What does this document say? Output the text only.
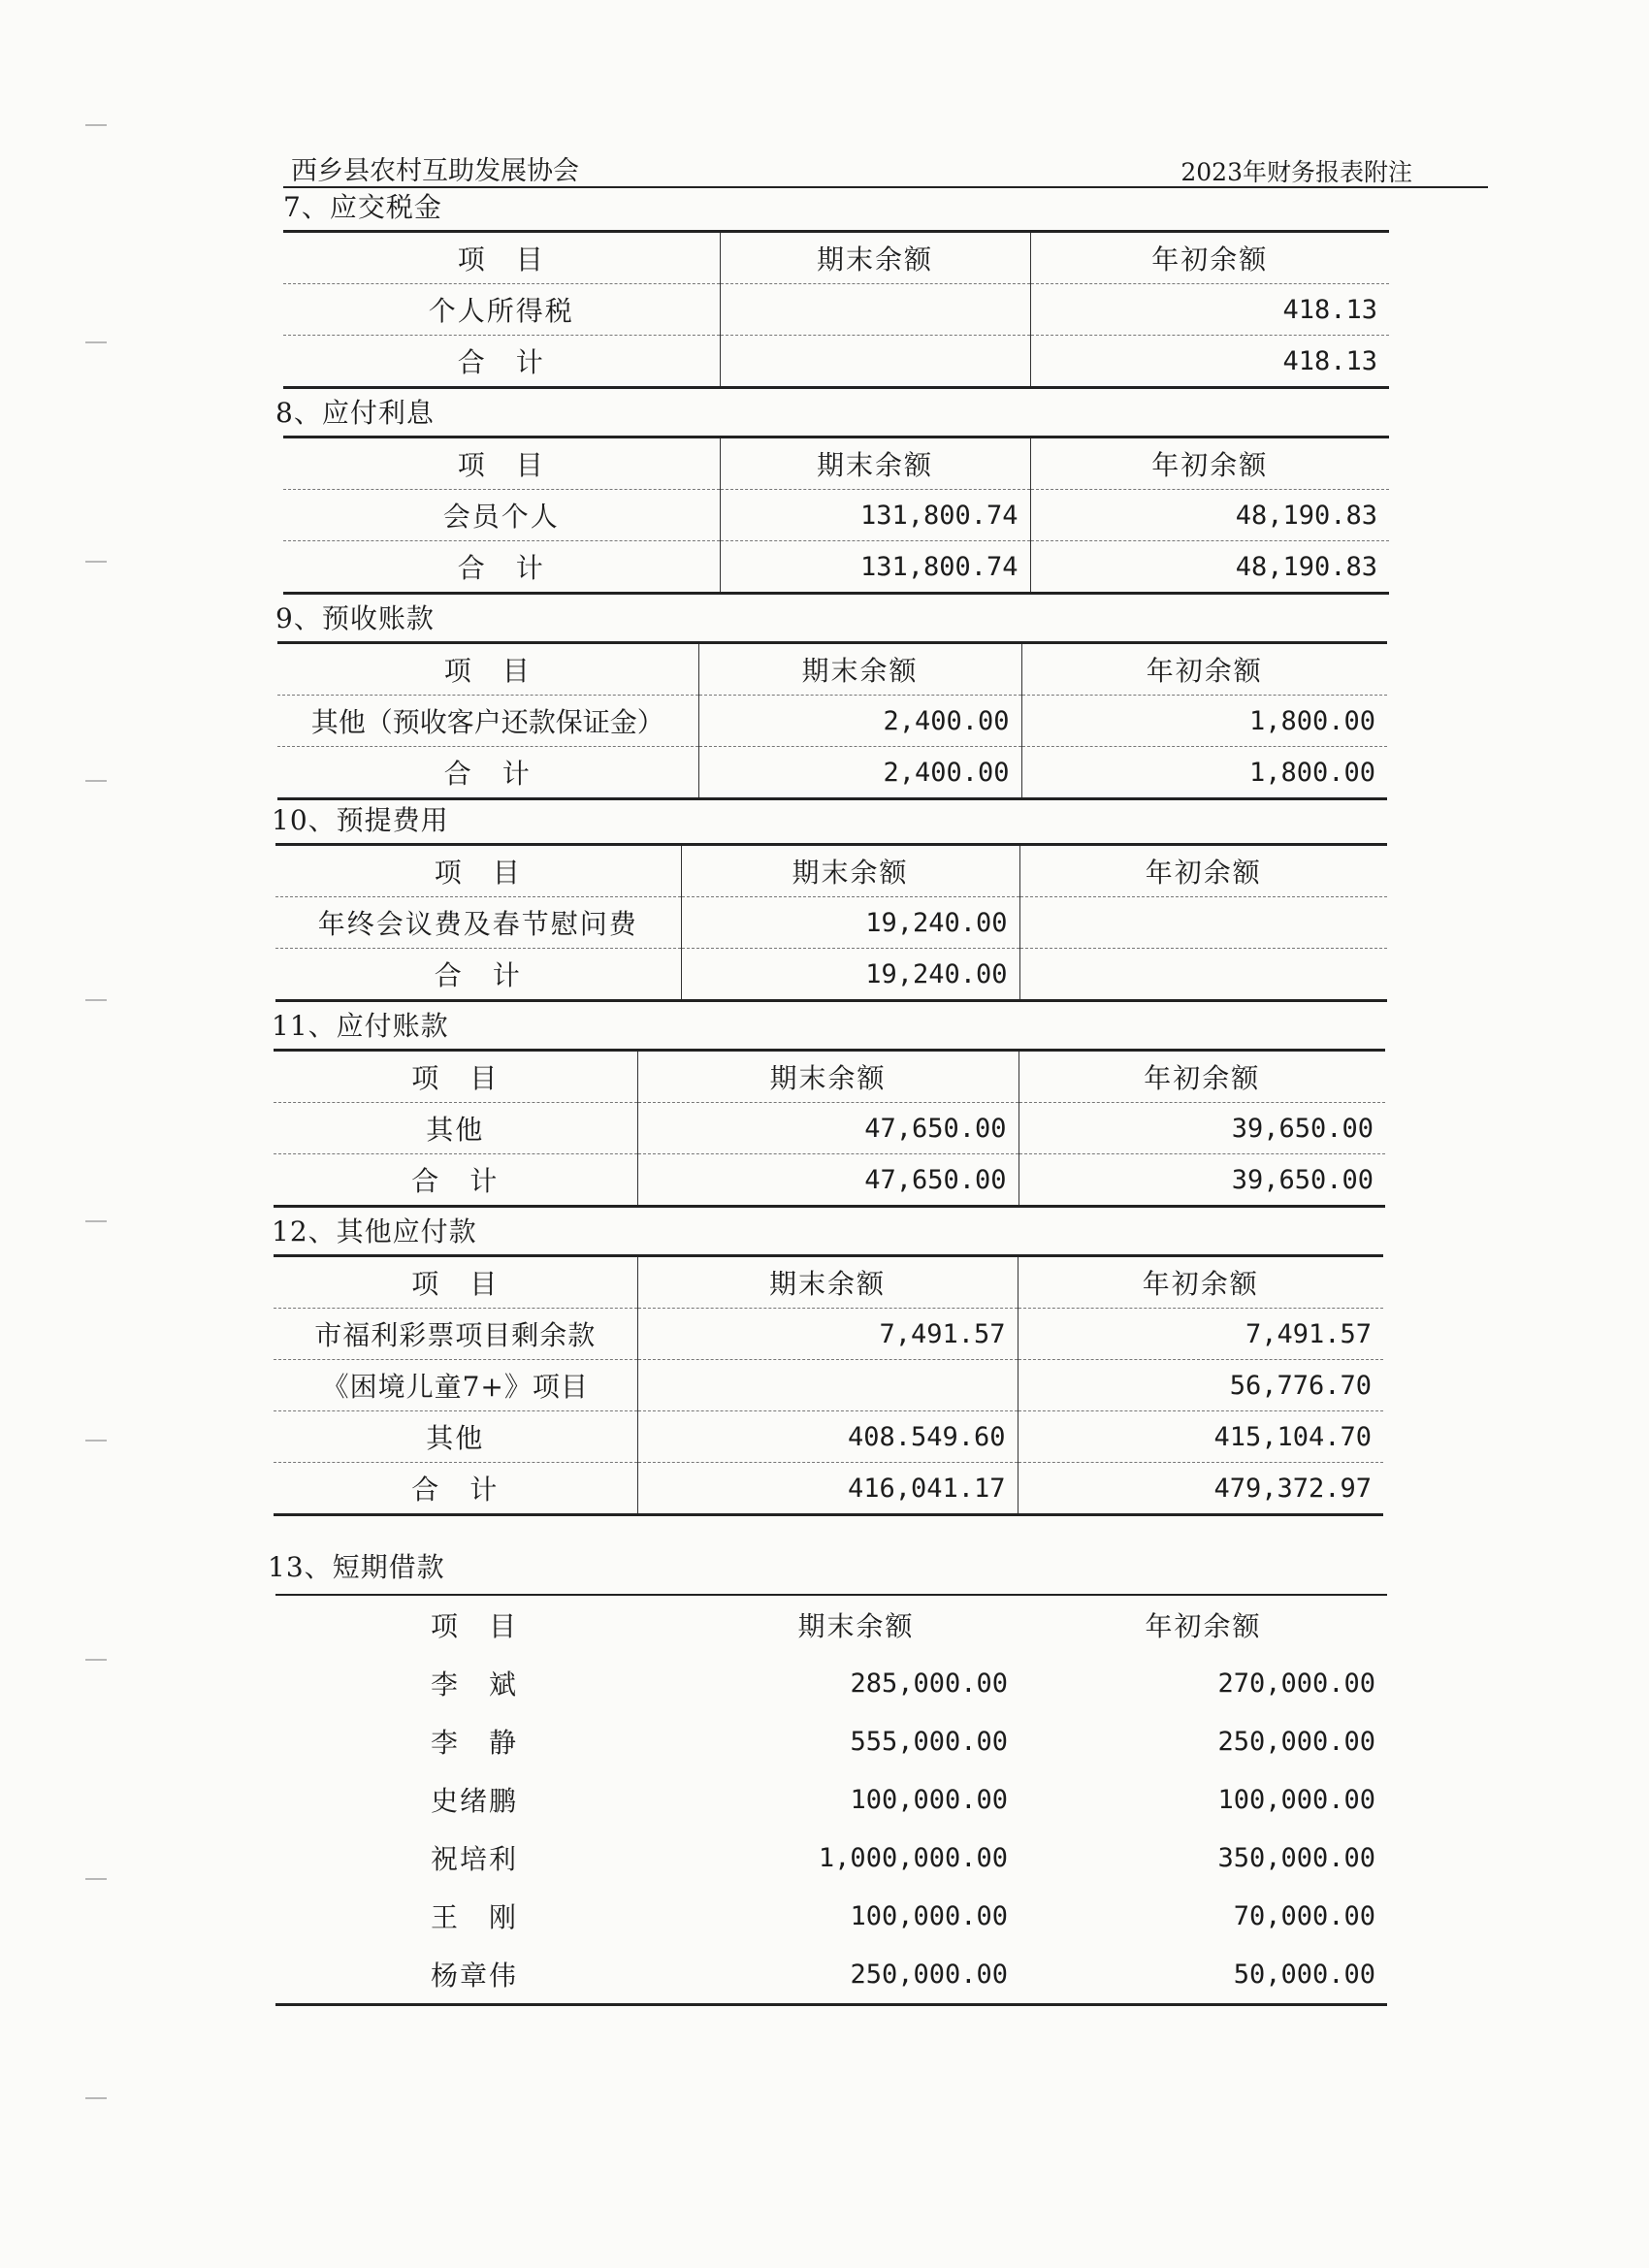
西乡县农村互助发展协会	2023年财务报表附注
7、应交税金
项　目	期末余额	年初余额
个人所得税		418.13
合　计		418.13
8、应付利息
项　目	期末余额	年初余额
会员个人	131,800.74	48,190.83
合　计	131,800.74	48,190.83
9、预收账款
项　目	期末余额	年初余额
其他（预收客户还款保证金）	2,400.00	1,800.00
合　计	2,400.00	1,800.00
10、预提费用
项　目	期末余额	年初余额
年终会议费及春节慰问费	19,240.00	
合　计	19,240.00	
11、应付账款
项　目	期末余额	年初余额
其他	47,650.00	39,650.00
合　计	47,650.00	39,650.00
12、其他应付款
项　目	期末余额	年初余额
市福利彩票项目剩余款	7,491.57	7,491.57
《困境儿童7+》项目		56,776.70
其他	408.549.60	415,104.70
合　计	416,041.17	479,372.97
13、短期借款
项　目	期末余额	年初余额
李　斌	285,000.00	270,000.00
李　静	555,000.00	250,000.00
史绪鹏	100,000.00	100,000.00
祝培利	1,000,000.00	350,000.00
王　刚	100,000.00	70,000.00
杨章伟	250,000.00	50,000.00
